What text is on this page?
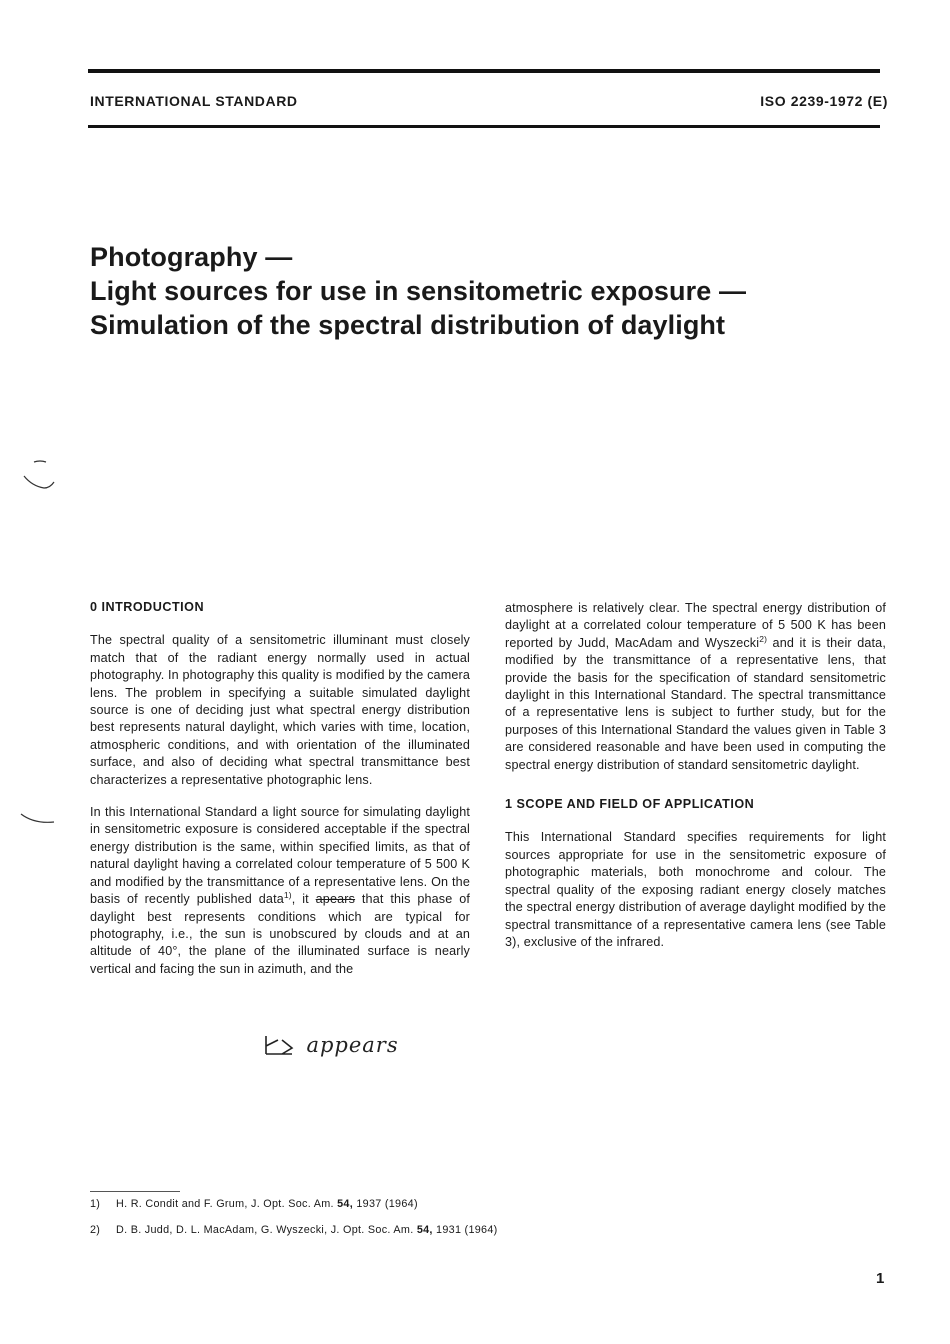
INTERNATIONAL STANDARD	ISO 2239-1972 (E)
Photography —
Light sources for use in sensitometric exposure —
Simulation of the spectral distribution of daylight
0 INTRODUCTION

The spectral quality of a sensitometric illuminant must closely match that of the radiant energy normally used in actual photography. In photography this quality is modified by the camera lens. The problem in specifying a suitable simulated daylight source is one of deciding just what spectral energy distribution best represents natural daylight, which varies with time, location, atmospheric conditions, and with orientation of the illuminated surface, and also of deciding what spectral transmittance best characterizes a representative photographic lens.

In this International Standard a light source for simulating daylight in sensitometric exposure is considered acceptable if the spectral energy distribution is the same, within specified limits, as that of natural daylight having a correlated colour temperature of 5 500 K and modified by the transmittance of a representative lens. On the basis of recently published data$^{1)}$, it apears that this phase of daylight best represents conditions which are typical for photography, i.e., the sun is unobscured by clouds and at an altitude of 40°, the plane of the illuminated surface is nearly vertical and facing the sun in azimuth, and the

appears

atmosphere is relatively clear. The spectral energy distribution of daylight at a correlated colour temperature of 5 500 K has been reported by Judd, MacAdam and Wyszecki$^{2)}$ and it is their data, modified by the transmittance of a representative lens, that provide the basis for the specification of standard sensitometric daylight in this International Standard. The spectral transmittance of a representative lens is subject to further study, but for the purposes of this International Standard the values given in Table 3 are considered reasonable and have been used in computing the spectral energy distribution of standard sensitometric daylight.

1 SCOPE AND FIELD OF APPLICATION

This International Standard specifies requirements for light sources appropriate for use in the sensitometric exposure of photographic materials, both monochrome and colour. The spectral quality of the exposing radiant energy closely matches the spectral energy distribution of average daylight modified by the spectral transmittance of a representative camera lens (see Table 3), exclusive of the infrared.

1) H. R. Condit and F. Grum, J. Opt. Soc. Am. 54, 1937 (1964)
2) D. B. Judd, D. L. MacAdam, G. Wyszecki, J. Opt. Soc. Am. 54, 1931 (1964)
1
